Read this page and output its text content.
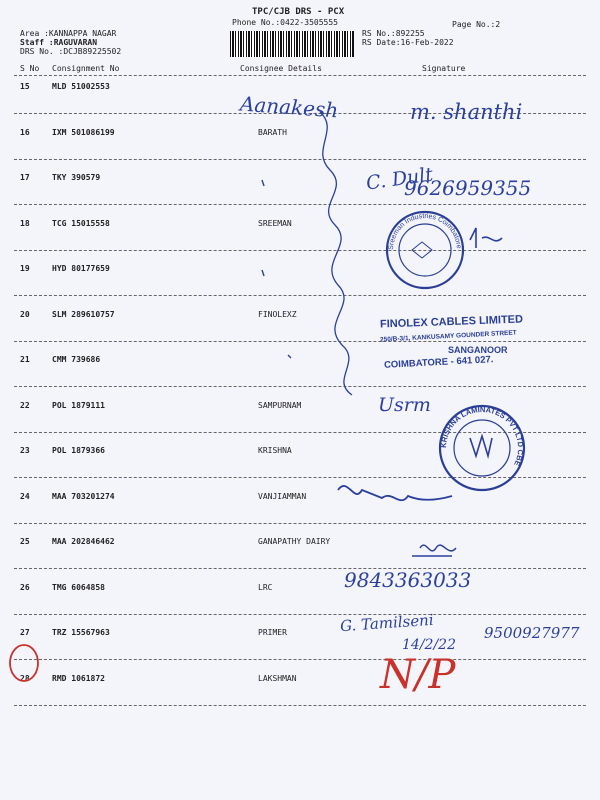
TPC/CJB DRS - PCX
Phone No.:0422-3505555	Page No.:2
Area :KANNAPPA NAGAR
Staff :RAGUVARAN
DRS No. :DCJB89225502
RS No.:892255
RS Date:16-Feb-2022
S No Consignment No	Consignee Details	Signature
15	MLD 51002553
16	IXM 501086199	BARATH
17	TKY 390579
18	TCG 15015558	SREEMAN
19	HYD 80177659
20	SLM 289610757	FINOLEXZ
21	CMM 739686
22	POL 1879111	SAMPURNAM
23	POL 1879366	KRISHNA
24	MAA 703201274	VANJIAMMAN
25	MAA 202846462	GANAPATHY DAIRY
26	TMG 6064858	LRC
27	TRZ 15567963	PRIMER
28	RMD 1061872	LAKSHMAN
Sreeman Industries Coimbatore
KRISHNA LAMINATES PVT LTD CBE
Aanakesh	m. shanthi
C. Dult
9626959355
Usrm
9843363033
G. Tamilseni
14/2/22
9500927977
N/P
FINOLEX CABLES LIMITED
250/B-3/1, KANKUSAMY GOUNDER STREET
SANGANOOR
COIMBATORE - 641 027.
